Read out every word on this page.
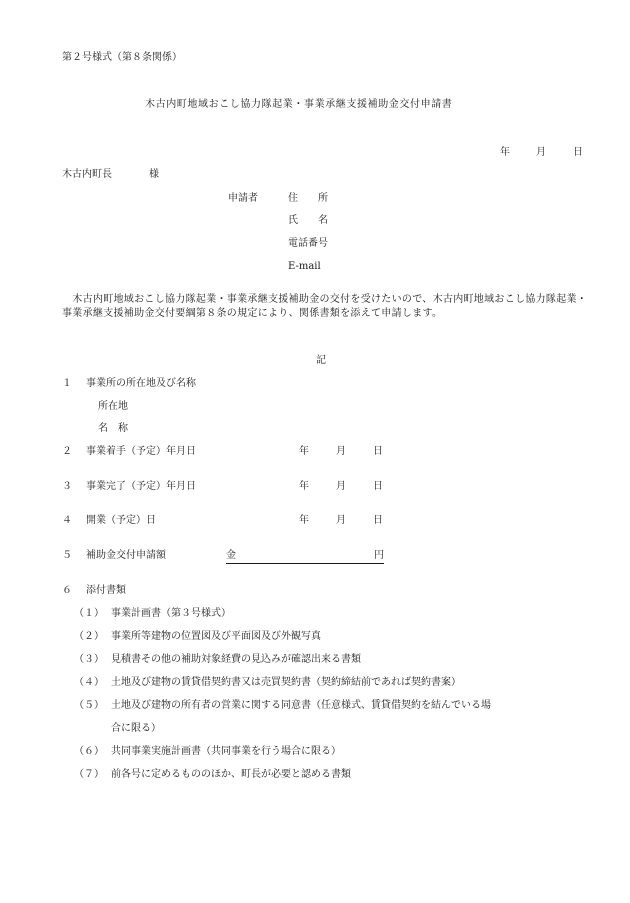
第２号様式（第８条関係）
木古内町地域おこし協力隊起業・事業承継支援補助金交付申請書
年	月	日
木古内町長	様
申請者	住　　所
氏　　名
電話番号
E-mail
　木古内町地域おこし協力隊起業・事業承継支援補助金の交付を受けたいので、木古内町地域おこし協力隊起業・事業承継支援補助金交付要綱第８条の規定により、関係書類を添えて申請します。
記
１ 事業所の所在地及び名称
所在地
名　称
２ 事業着手（予定）年月日	年	月	日
３ 事業完了（予定）年月日	年	月	日
４ 開業（予定）日	年	月	日
５ 補助金交付申請額	金	円
６ 添付書類
（１） 事業計画書（第３号様式）
（２） 事業所等建物の位置図及び平面図及び外観写真
（３） 見積書その他の補助対象経費の見込みが確認出来る書類
（４） 土地及び建物の賃貸借契約書又は売買契約書（契約締結前であれば契約書案）
（５） 土地及び建物の所有者の営業に関する同意書（任意様式、賃貸借契約を結んでいる場
合に限る）
（６） 共同事業実施計画書（共同事業を行う場合に限る）
（７） 前各号に定めるもののほか、町長が必要と認める書類
